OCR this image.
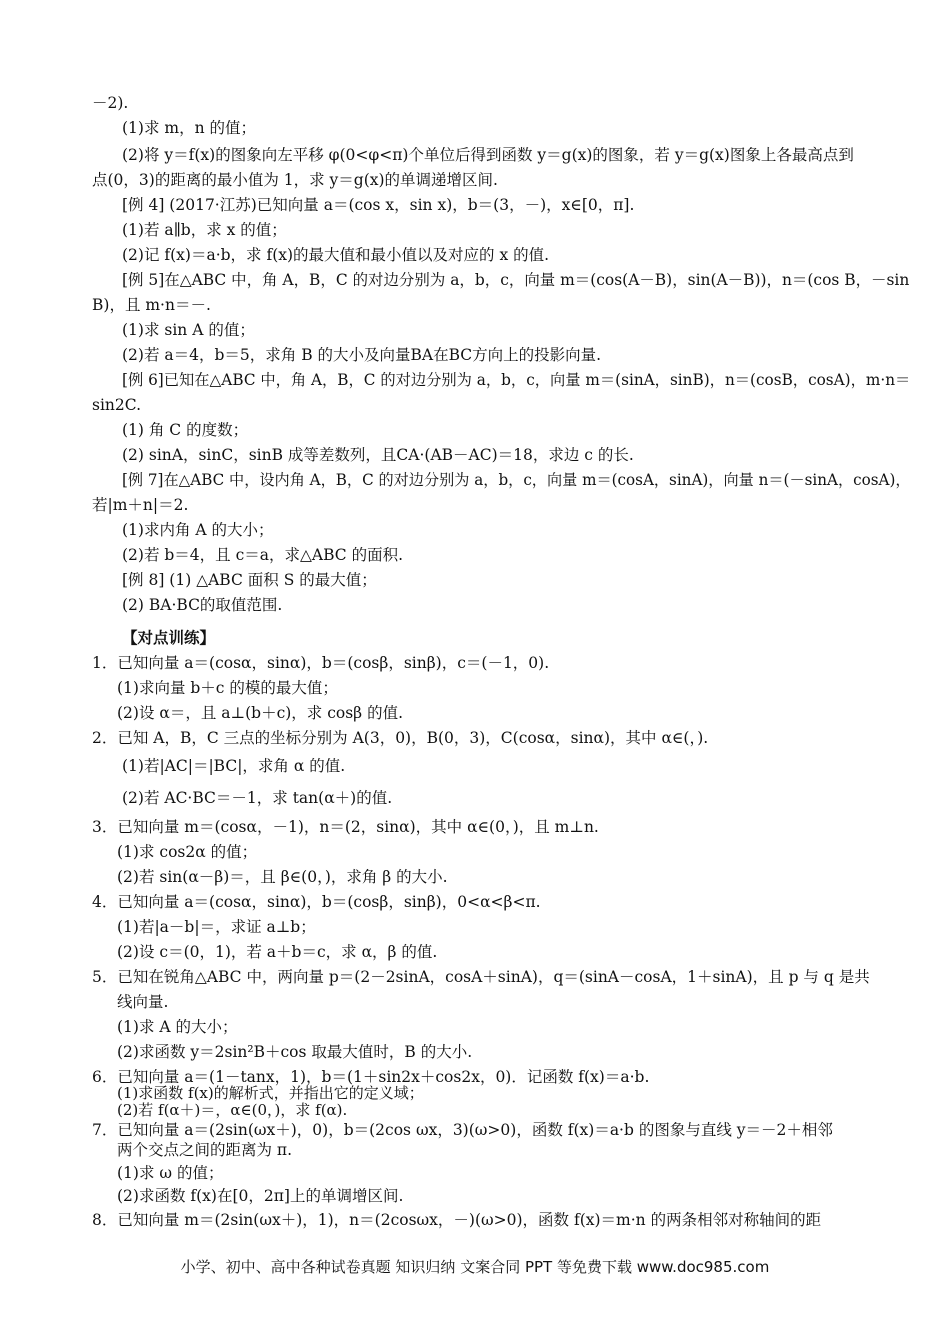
－2).
(1)求 m，n 的值；
(2)将 y＝f(x)的图象向左平移 φ(0<φ<π)个单位后得到函数 y＝g(x)的图象，若 y＝g(x)图象上各最高点到
点(0，3)的距离的最小值为 1，求 y＝g(x)的单调递增区间.
[例 4] (2017·江苏)已知向量 a＝(cos x，sin x)，b＝(3，－)，x∈[0，π].
(1)若 a∥b，求 x 的值；
(2)记 f(x)＝a·b，求 f(x)的最大值和最小值以及对应的 x 的值.
[例 5]在△ABC 中，角 A，B，C 的对边分别为 a，b，c，向量 m＝(cos(A－B)，sin(A－B))，n＝(cos B，－sin
B)，且 m·n＝－.
(1)求 sin A 的值；
(2)若 a＝4，b＝5，求角 B 的大小及向量BA在BC方向上的投影向量.
[例 6]已知在△ABC 中，角 A，B，C 的对边分别为 a，b，c，向量 m＝(sinA，sinB)，n＝(cosB，cosA)，m·n＝
sin2C.
(1) 角 C 的度数；
(2) sinA，sinC，sinB 成等差数列，且CA·(AB－AC)＝18，求边 c 的长.
[例 7]在△ABC 中，设内角 A，B，C 的对边分别为 a，b，c，向量 m＝(cosA，sinA)，向量 n＝(－sinA，cosA)，
若|m＋n|＝2.
(1)求内角 A 的大小；
(2)若 b＝4，且 c＝a，求△ABC 的面积.
[例 8] (1) △ABC 面积 S 的最大值；
(2) BA·BC的取值范围.
【对点训练】
1．已知向量 a＝(cosα，sinα)，b＝(cosβ，sinβ)，c＝(－1，0).
(1)求向量 b＋c 的模的最大值；
(2)设 α＝，且 a⊥(b＋c)，求 cosβ 的值.
2．已知 A，B，C 三点的坐标分别为 A(3，0)，B(0，3)，C(cosα，sinα)，其中 α∈(，).
(1)若|AC|＝|BC|，求角 α 的值.
(2)若 AC·BC＝－1，求 tan(α＋)的值.
3．已知向量 m＝(cosα，－1)，n＝(2，sinα)，其中 α∈(0，)，且 m⊥n.
(1)求 cos2α 的值；
(2)若 sin(α－β)＝，且 β∈(0，)，求角 β 的大小.
4．已知向量 a＝(cosα，sinα)，b＝(cosβ，sinβ)，0<α<β<π.
(1)若|a－b|＝，求证 a⊥b；
(2)设 c＝(0，1)，若 a＋b＝c，求 α，β 的值.
5．已知在锐角△ABC 中，两向量 p＝(2－2sinA，cosA＋sinA)，q＝(sinA－cosA，1＋sinA)，且 p 与 q 是共
线向量.
(1)求 A 的大小；
(2)求函数 y＝2sin²B＋cos 取最大值时，B 的大小.
6．已知向量 a＝(1－tanx，1)，b＝(1＋sin2x＋cos2x，0)．记函数 f(x)＝a·b.
(1)求函数 f(x)的解析式，并指出它的定义域；
(2)若 f(α＋)＝，α∈(0，)，求 f(α).
7．已知向量 a＝(2sin(ωx＋)，0)，b＝(2cos ωx，3)(ω>0)，函数 f(x)＝a·b 的图象与直线 y＝－2＋相邻
两个交点之间的距离为 π.
(1)求 ω 的值；
(2)求函数 f(x)在[0，2π]上的单调增区间.
8．已知向量 m＝(2sin(ωx＋)，1)，n＝(2cosωx，－)(ω>0)，函数 f(x)＝m·n 的两条相邻对称轴间的距
小学、初中、高中各种试卷真题 知识归纳 文案合同 PPT 等免费下载 www.doc985.com
